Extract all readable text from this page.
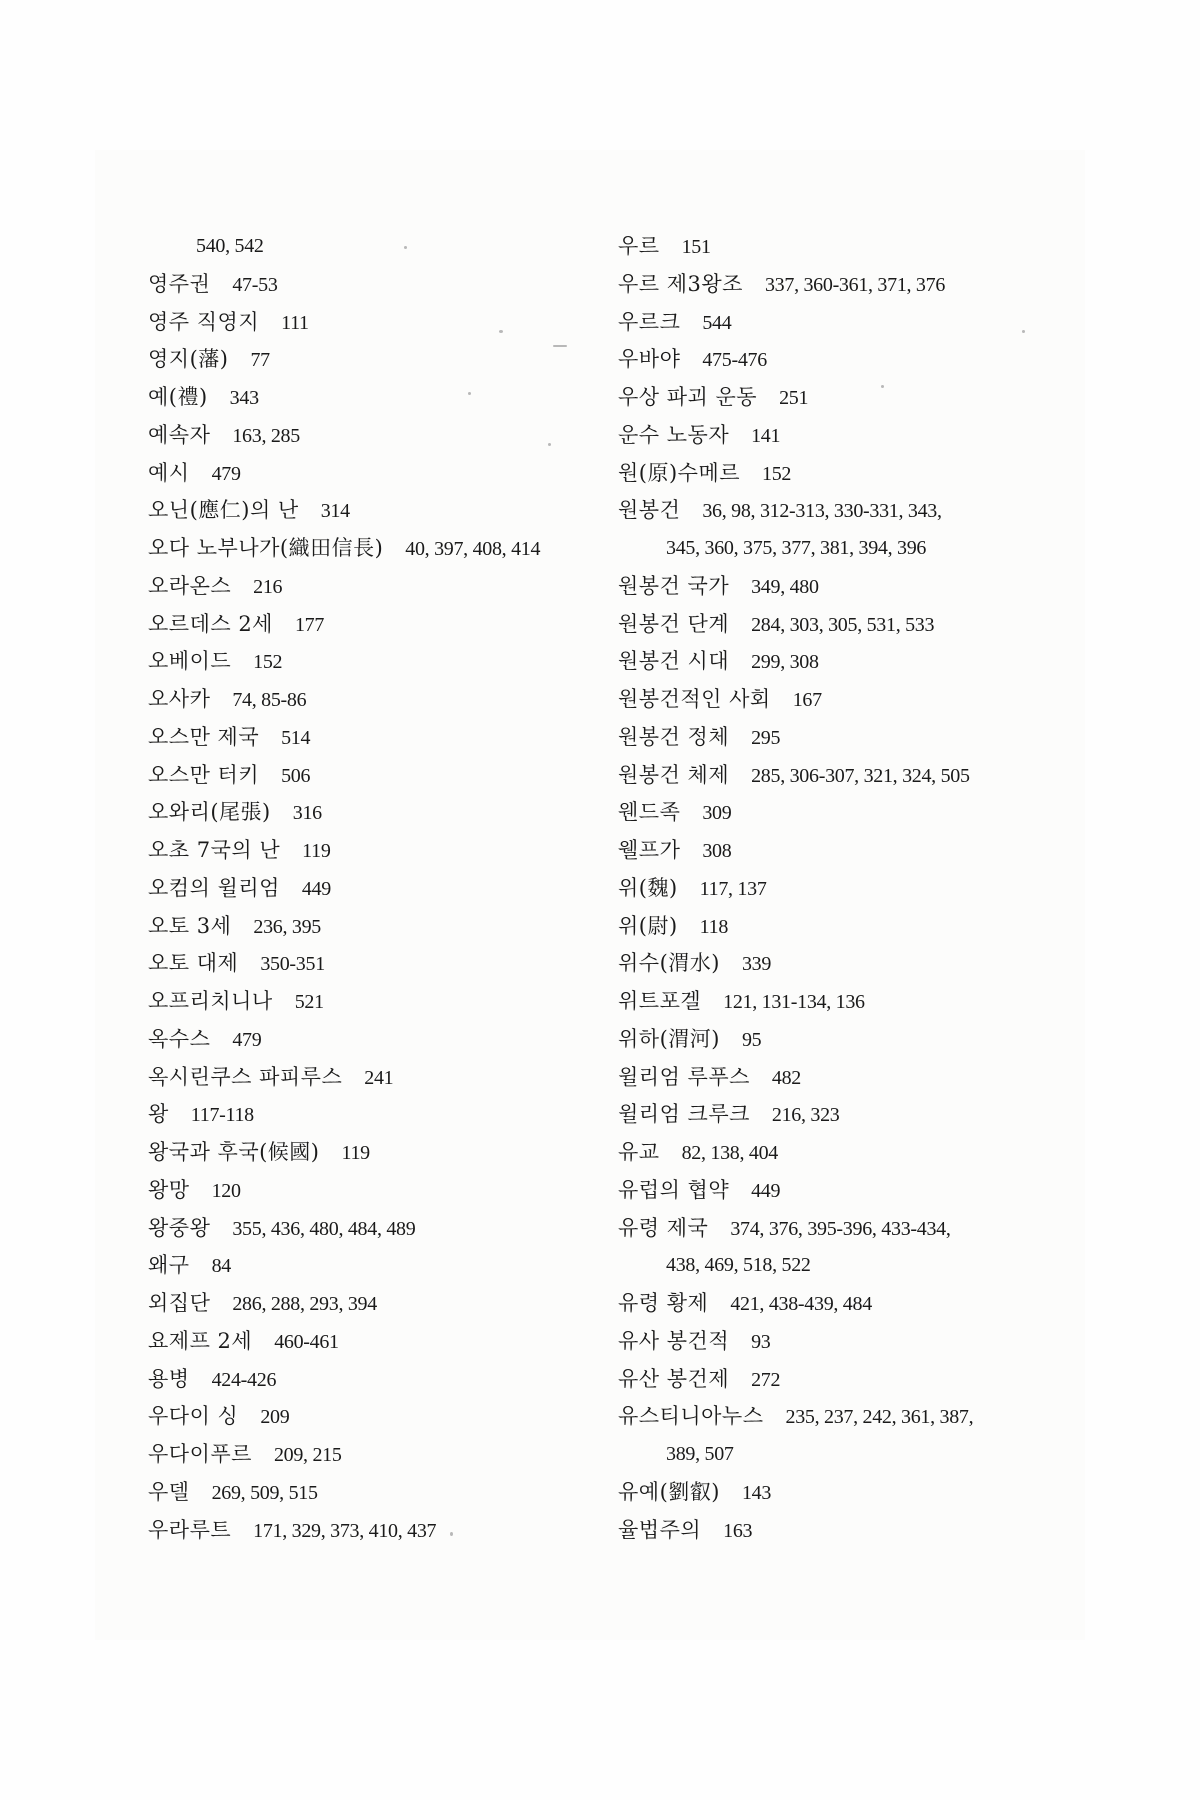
540, 542
영주권 47-53
영주 직영지 111
영지(藩) 77
예(禮) 343
예속자 163, 285
예시 479
오닌(應仁)의 난 314
오다 노부나가(織田信長) 40, 397, 408, 414
오라온스 216
오르데스 2세 177
오베이드 152
오사카 74, 85-86
오스만 제국 514
오스만 터키 506
오와리(尾張) 316
오초 7국의 난 119
오컴의 윌리엄 449
오토 3세 236, 395
오토 대제 350-351
오프리치니나 521
옥수스 479
옥시린쿠스 파피루스 241
왕 117-118
왕국과 후국(候國) 119
왕망 120
왕중왕 355, 436, 480, 484, 489
왜구 84
외집단 286, 288, 293, 394
요제프 2세 460-461
용병 424-426
우다이 싱 209
우다이푸르 209, 215
우델 269, 509, 515
우라루트 171, 329, 373, 410, 437
우르 151
우르 제3왕조 337, 360-361, 371, 376
우르크 544
우바야 475-476
우상 파괴 운동 251
운수 노동자 141
원(原)수메르 152
원봉건 36, 98, 312-313, 330-331, 343,
345, 360, 375, 377, 381, 394, 396
원봉건 국가 349, 480
원봉건 단계 284, 303, 305, 531, 533
원봉건 시대 299, 308
원봉건적인 사회 167
원봉건 정체 295
원봉건 체제 285, 306-307, 321, 324, 505
웬드족 309
웰프가 308
위(魏) 117, 137
위(尉) 118
위수(渭水) 339
위트포겔 121, 131-134, 136
위하(渭河) 95
윌리엄 루푸스 482
윌리엄 크루크 216, 323
유교 82, 138, 404
유럽의 협약 449
유령 제국 374, 376, 395-396, 433-434,
438, 469, 518, 522
유령 황제 421, 438-439, 484
유사 봉건적 93
유산 봉건제 272
유스티니아누스 235, 237, 242, 361, 387,
389, 507
유예(劉叡) 143
율법주의 163
